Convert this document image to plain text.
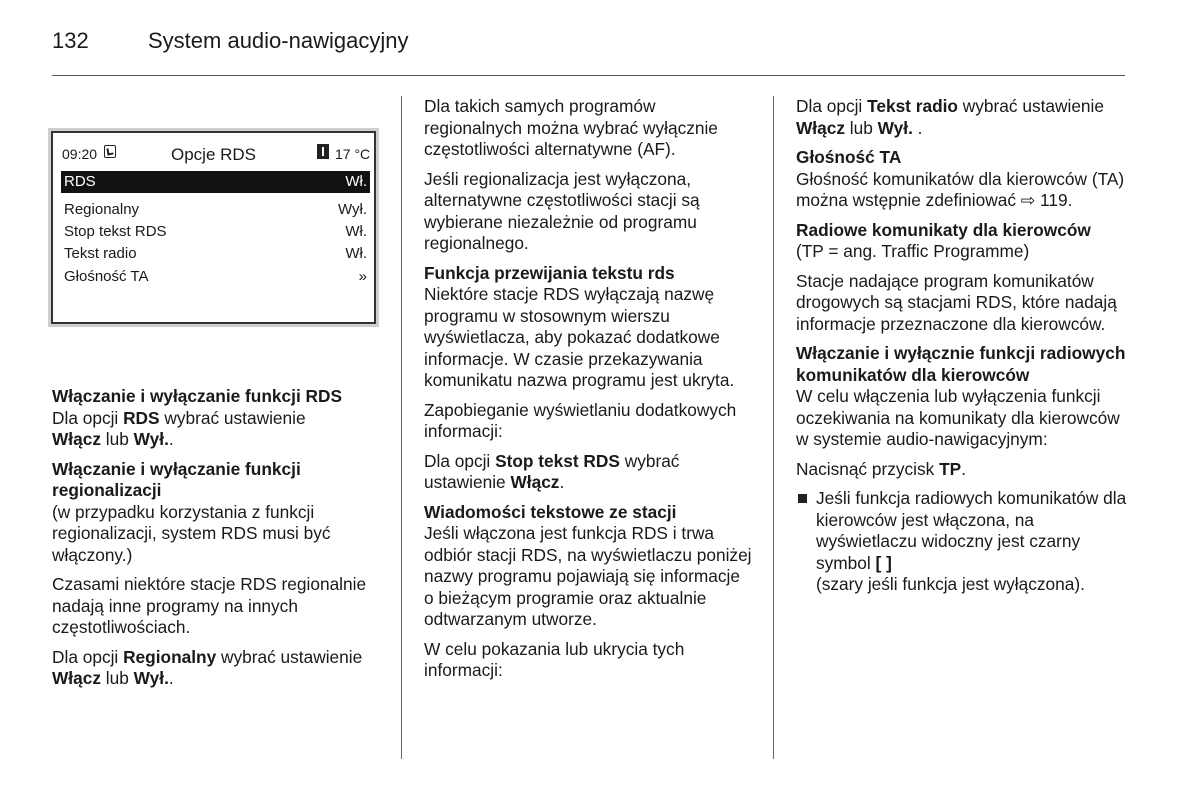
132	System audio-nawigacyjny
09:20	Opcje RDS	17 °C
RDS	Wł.
Regionalny	Wył.
Stop tekst RDS	Wł.
Tekst radio	Wł.
Głośność TA	»
Włączanie i wyłączanie funkcji RDS
Dla opcji RDS wybrać ustawienie
Włącz lub Wył..
Włączanie i wyłączanie funkcji regionalizacji
(w przypadku korzystania z funkcji regionalizacji, system RDS musi być włączony.)

Czasami niektóre stacje RDS regionalnie nadają inne programy na innych częstotliwościach.

Dla opcji Regionalny wybrać ustawienie Włącz lub Wył..

Dla takich samych programów regionalnych można wybrać wyłącznie częstotliwości alternatywne (AF).

Jeśli regionalizacja jest wyłączona, alternatywne częstotliwości stacji są wybierane niezależnie od programu regionalnego.

Funkcja przewijania tekstu rds
Niektóre stacje RDS wyłączają nazwę programu w stosownym wierszu wyświetlacza, aby pokazać dodatkowe informacje. W czasie przekazywania komunikatu nazwa programu jest ukryta.

Zapobieganie wyświetlaniu dodatkowych informacji:

Dla opcji Stop tekst RDS wybrać ustawienie Włącz.

Wiadomości tekstowe ze stacji
Jeśli włączona jest funkcja RDS i trwa odbiór stacji RDS, na wyświetlaczu poniżej nazwy programu pojawiają się informacje o bieżącym programie oraz aktualnie odtwarzanym utworze.

W celu pokazania lub ukrycia tych informacji:

Dla opcji Tekst radio wybrać ustawienie Włącz lub Wył. .

Głośność TA
Głośność komunikatów dla kierowców (TA) można wstępnie zdefiniować ⇨ 119.
Radiowe komunikaty dla kierowców
(TP = ang. Traffic Programme)

Stacje nadające program komunikatów drogowych są stacjami RDS, które nadają informacje przeznaczone dla kierowców.

Włączanie i wyłącznie funkcji radiowych komunikatów dla kierowców
W celu włączenia lub wyłączenia funkcji oczekiwania na komunikaty dla kierowców w systemie audio-nawigacyjnym:

Nacisnąć przycisk TP.

Jeśli funkcja radiowych komunikatów dla kierowców jest włączona, na wyświetlaczu widoczny jest czarny symbol [ ]
(szary jeśli funkcja jest wyłączona).
